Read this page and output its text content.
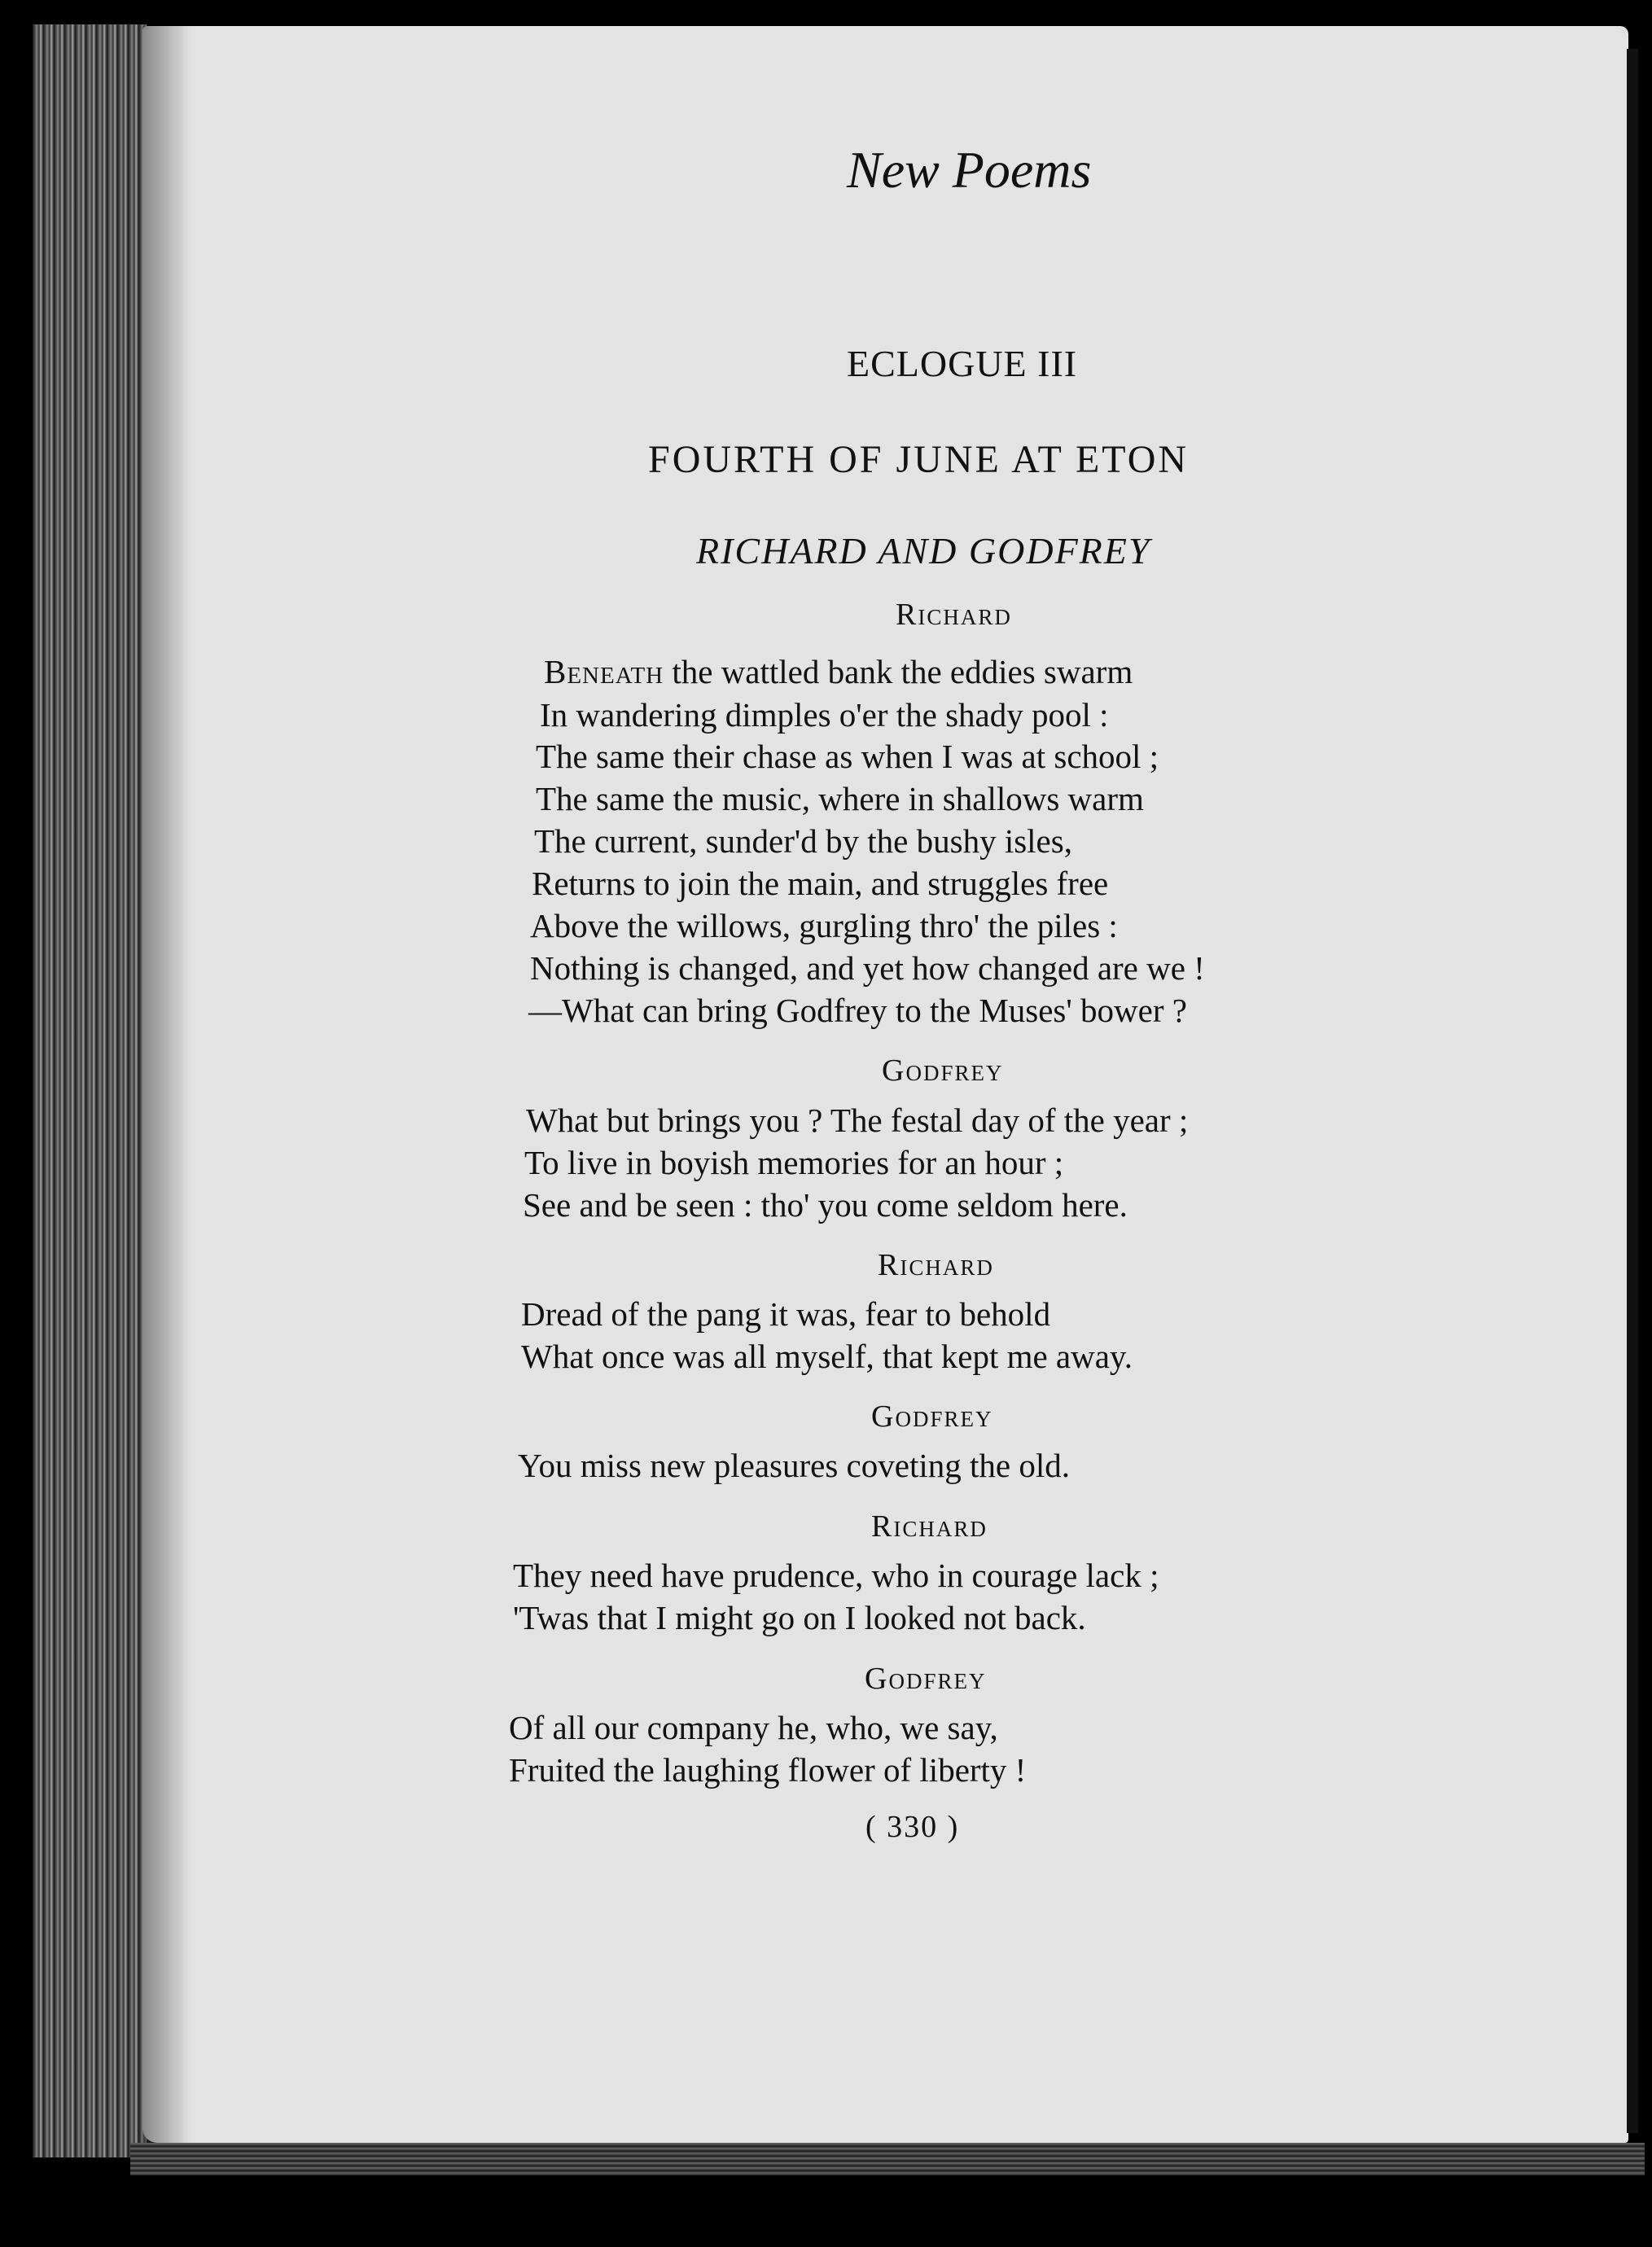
New Poems
ECLOGUE III
FOURTH OF JUNE AT ETON
RICHARD AND GODFREY
Richard
Beneath the wattled bank the eddies swarm
In wandering dimples o'er the shady pool :
The same their chase as when I was at school ;
The same the music, where in shallows warm
The current, sunder'd by the bushy isles,
Returns to join the main, and struggles free
Above the willows, gurgling thro' the piles :
Nothing is changed, and yet how changed are we !
—What can bring Godfrey to the Muses' bower ?
Godfrey
What but brings you ? The festal day of the year ;
To live in boyish memories for an hour ;
See and be seen : tho' you come seldom here.
Richard
Dread of the pang it was, fear to behold
What once was all myself, that kept me away.
Godfrey
You miss new pleasures coveting the old.
Richard
They need have prudence, who in courage lack ;
'Twas that I might go on I looked not back.
Godfrey
Of all our company he, who, we say,
Fruited the laughing flower of liberty !
( 330 )
